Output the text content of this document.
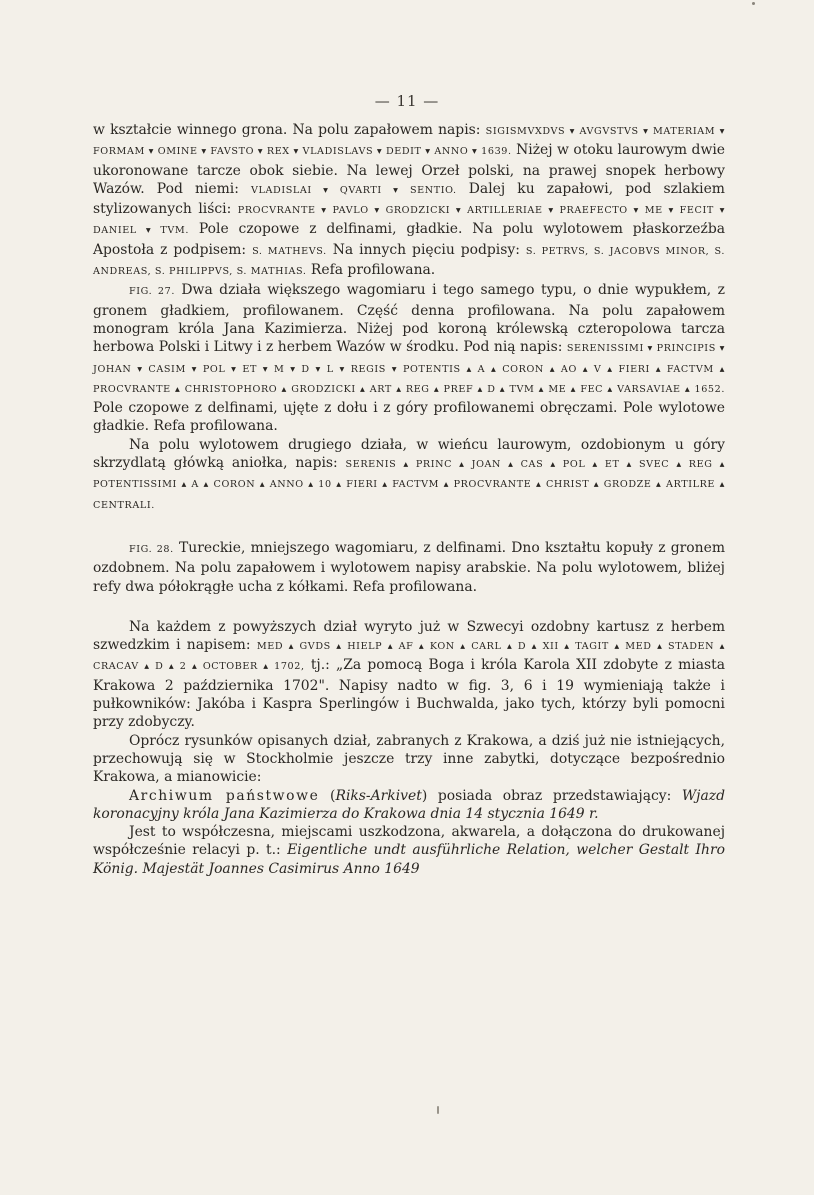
— 11 —

w kształcie winnego grona. Na polu zapałowem napis: SIGISMVXDVS ▾ AVGVSTVS ▾ MATERIAM ▾ FORMAM ▾ OMINE ▾ FAVSTO ▾ REX ▾ VLADISLAVS ▾ DEDIT ▾ ANNO ▾ 1639. Niżej w otoku laurowym dwie ukoronowane tarcze obok siebie. Na lewej Orzeł polski, na prawej snopek herbowy Wazów. Pod niemi: VLADISLAI ▾ QVARTI ▾ SENTIO. Dalej ku zapałowi, pod szlakiem stylizowanych liści: PROCVRANTE ▾ PAVLO ▾ GRODZICKI ▾ ARTILLERIAE ▾ PRAEFECTO ▾ ME ▾ FECIT ▾ DANIEL ▾ TVM. Pole czopowe z delfinami, gładkie. Na polu wylotowem płaskorzeźba Apostoła z podpisem: S. MATHEVS. Na innych pięciu podpisy: S. PETRVS, S. JACOBVS MINOR, S. ANDREAS, S. PHILIPPVS, S. MATHIAS. Refa profilowana.

FIG. 27. Dwa działa większego wagomiaru i tego samego typu, o dnie wypukłem, z gronem gładkiem, profilowanem. Część denna profilowana. Na polu zapałowem monogram króla Jana Kazimierza. Niżej pod koroną królewską czteropolowa tarcza herbowa Polski i Litwy i z herbem Wazów w środku. Pod nią napis: SERENISSIMI ▾ PRINCIPIS ▾ JOHAN ▾ CASIM ▾ POL ▾ ET ▾ M ▾ D ▾ L ▾ REGIS ▾ POTENTIS ▴ A ▴ CORON ▴ AO ▴ V ▴ FIERI ▴ FACTVM ▴ PROCVRANTE ▴ CHRISTOPHORO ▴ GRODZICKI ▴ ART ▴ REG ▴ PREF ▴ D ▴ TVM ▴ ME ▴ FEC ▴ VARSAVIAE ▴ 1652. Pole czopowe z delfinami, ujęte z dołu i z góry profilowanemi obręczami. Pole wylotowe gładkie. Refa profilowana.

Na polu wylotowem drugiego działa, w wieńcu laurowym, ozdobionym u góry skrzydlatą główką aniołka, napis: SERENIS ▴ PRINC ▴ JOAN ▴ CAS ▴ POL ▴ ET ▴ SVEC ▴ REG ▴ POTENTISSIMI ▴ A ▴ CORON ▴ ANNO ▴ 10 ▴ FIERI ▴ FACTVM ▴ PROCVRANTE ▴ CHRIST ▴ GRODZE ▴ ARTILRE ▴ CENTRALI.

FIG. 28. Tureckie, mniejszego wagomiaru, z delfinami. Dno kształtu kopuły z gronem ozdobnem. Na polu zapałowem i wylotowem napisy arabskie. Na polu wylotowem, bliżej refy dwa półokrągłe ucha z kółkami. Refa profilowana.

Na każdem z powyższych dział wyryto już w Szwecyi ozdobny kartusz z herbem szwedzkim i napisem: MED ▴ GVDS ▴ HIELP ▴ AF ▴ KON ▴ CARL ▴ D ▴ XII ▴ TAGIT ▴ MED ▴ STADEN ▴ CRACAV ▴ D ▴ 2 ▴ OCTOBER ▴ 1702, tj.: „Za pomocą Boga i króla Karola XII zdobyte z miasta Krakowa 2 października 1702". Napisy nadto w fig. 3, 6 i 19 wymieniają także i pułkowników: Jakóba i Kaspra Sperlingów i Buchwalda, jako tych, którzy byli pomocni przy zdobyczy.

Oprócz rysunków opisanych dział, zabranych z Krakowa, a dziś już nie istniejących, przechowują się w Stockholmie jeszcze trzy inne zabytki, dotyczące bezpośrednio Krakowa, a mianowicie:

Archiwum państwowe (Riks-Arkivet) posiada obraz przedstawiający: Wjazd koronacyjny króla Jana Kazimierza do Krakowa dnia 14 stycznia 1649 r.

Jest to współczesna, miejscami uszkodzona, akwarela, a dołączona do drukowanej współcześnie relacyi p. t.: Eigentliche undt ausführliche Relation, welcher Gestalt Ihro König. Majestät Joannes Casimirus Anno 1649
